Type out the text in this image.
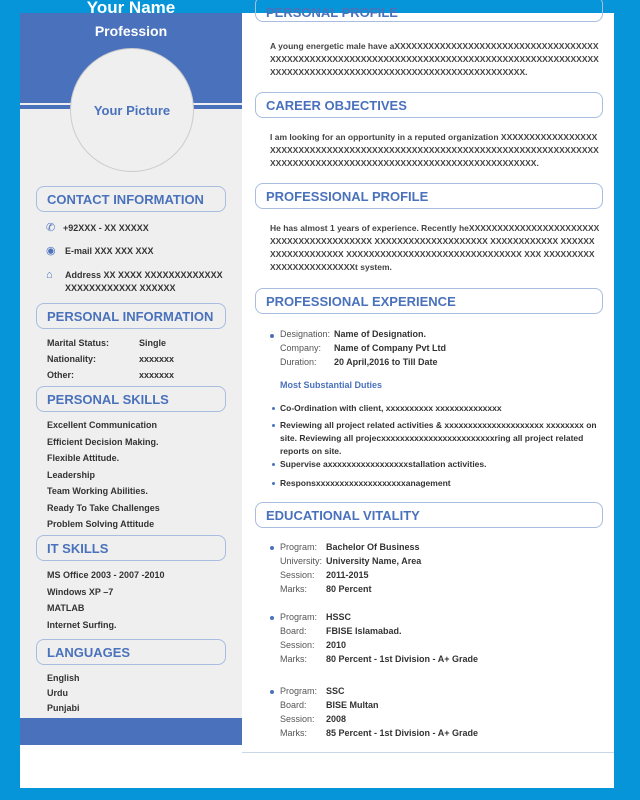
Your Name
Profession
Your Picture
CONTACT INFORMATION
✆ +92XXX - XX XXXXX
◉ E-mail XXX XXX XXX
⌂	Address XX XXXX XXXXXXXXXXXXX XXXXXXXXXXXX XXXXXX
PERSONAL INFORMATION
PERSONAL SKILLS
IT SKILLS
LANGUAGES
PERSONAL PROFILE
A young energetic male have aXXXXXXXXXXXXXXXXXXXXXXXXXXXXXXXXXXXXXXXXXXXXXXXXXXXXXXXXXXXXXXXXXXXXXXXXXXXXXXXXXXXXXXXXXXXXXXXXXXXXXXXXXXXXXXXXXXXXXXXXXXXXXXXXXXXXXXXXXXX.
CAREER OBJECTIVES
I am looking for an opportunity in a reputed organization XXXXXXXXXXXXXXXXXXXXXXXXXXXXXXXXXXXXXXXXXXXXXXXXXXXXXXXXXXXXXXXXXXXXXXXXXXXXXXXXXXXXXXXXXXXXXXXXXXXXXXXXXXXXXXXXXXXXXXXXXX.
PROFESSIONAL PROFILE
He has almost 1 years of experience. Recently heXXXXXXXXXXXXXXXXXXXXXXXXXXXXXXXXXXXXXXXXX XXXXXXXXXXXXXXXXXXXX XXXXXXXXXXXX XXXXXXXXXXXXXXXXXXX XXXXXXXXXXXXXXXXXXXXXXXXXXXXXXX XXX XXXXXXXXXXXXXXXXXXXXXXXXt system.
PROFESSIONAL EXPERIENCE
Most Substantial Duties
EDUCATIONAL VITALITY
Marital Status:	Single
Nationality:	xxxxxxx
Other:	xxxxxxx
Excellent Communication
Efficient Decision Making.
Flexible Attitude.
Leadership
Team Working Abilities.
Ready To Take Challenges
Problem Solving Attitude
MS Office 2003 - 2007 -2010
Windows XP –7
MATLAB
Internet Surfing.
English
Urdu
Punjabi
Designation: Name of Designation.
Company: Name of Company Pvt Ltd
Duration: 20 April,2016 to Till Date
Co-Ordination with client, xxxxxxxxxx xxxxxxxxxxxxxx
Reviewing all project related activities & xxxxxxxxxxxxxxxxxxxxx xxxxxxxx on site. Reviewing all projecxxxxxxxxxxxxxxxxxxxxxxxxring all project related reports on site.
Supervise axxxxxxxxxxxxxxxxxstallation activities.
Responsxxxxxxxxxxxxxxxxxxxanagement
Program: Bachelor Of Business
University: University Name, Area
Session: 2011-2015
Marks: 80 Percent
Program: HSSC
Board: FBISE Islamabad.
Session: 2010
Marks: 80 Percent - 1st Division - A+ Grade
Program: SSC
Board: BISE Multan
Session: 2008
Marks: 85 Percent - 1st Division - A+ Grade
